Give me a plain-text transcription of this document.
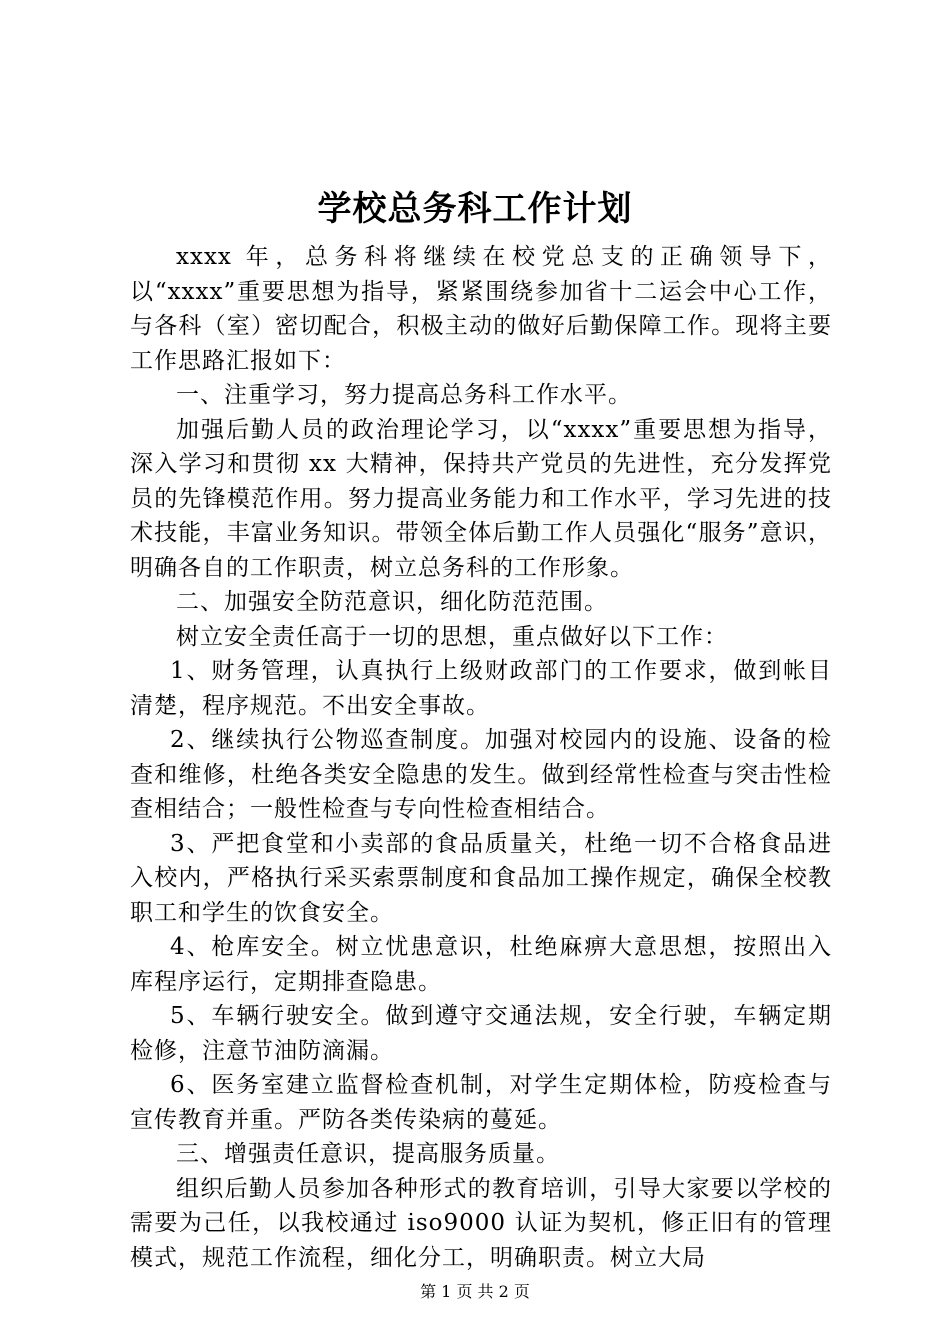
学校总务科工作计划

xxxx 年，总务科将继续在校党总支的正确领导下，以“xxxx”重要思想为指导，紧紧围绕参加省十二运会中心工作，与各科（室）密切配合，积极主动的做好后勤保障工作。现将主要工作思路汇报如下：

一、注重学习，努力提高总务科工作水平。

加强后勤人员的政治理论学习，以“xxxx”重要思想为指导，深入学习和贯彻 xx 大精神，保持共产党员的先进性，充分发挥党员的先锋模范作用。努力提高业务能力和工作水平，学习先进的技术技能，丰富业务知识。带领全体后勤工作人员强化“服务”意识，明确各自的工作职责，树立总务科的工作形象。

二、加强安全防范意识，细化防范范围。

树立安全责任高于一切的思想，重点做好以下工作：

1、财务管理，认真执行上级财政部门的工作要求，做到帐目清楚，程序规范。不出安全事故。

2、继续执行公物巡查制度。加强对校园内的设施、设备的检查和维修，杜绝各类安全隐患的发生。做到经常性检查与突击性检查相结合；一般性检查与专向性检查相结合。

3、严把食堂和小卖部的食品质量关，杜绝一切不合格食品进入校内，严格执行采买索票制度和食品加工操作规定，确保全校教职工和学生的饮食安全。

4、枪库安全。树立忧患意识，杜绝麻痹大意思想，按照出入库程序运行，定期排查隐患。

5、车辆行驶安全。做到遵守交通法规，安全行驶，车辆定期检修，注意节油防滴漏。

6、医务室建立监督检查机制，对学生定期体检，防疫检查与宣传教育并重。严防各类传染病的蔓延。

三、增强责任意识，提高服务质量。

组织后勤人员参加各种形式的教育培训，引导大家要以学校的需要为己任，以我校通过 iso9000 认证为契机，修正旧有的管理模式，规范工作流程，细化分工，明确职责。树立大局

第 1 页 共 2 页
